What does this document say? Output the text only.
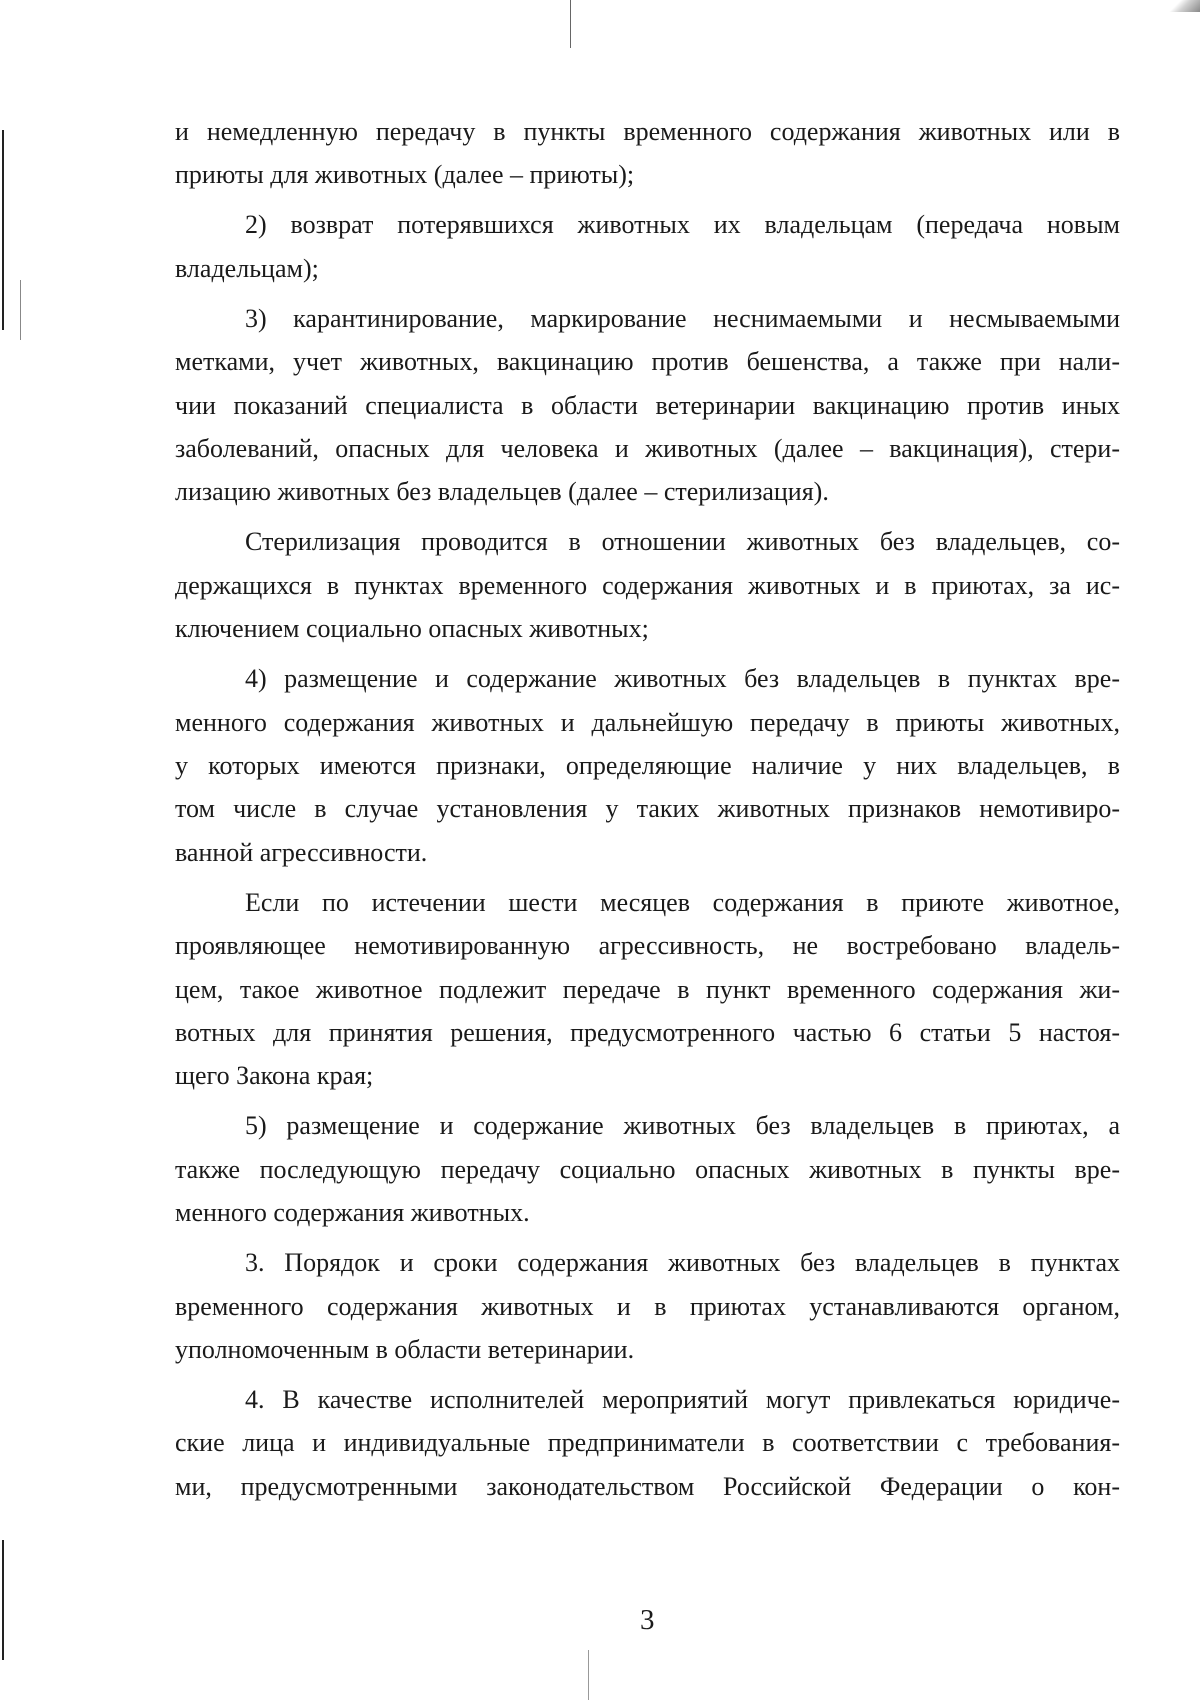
и немедленную передачу в пункты временного содержания животных или в
приюты для животных (далее – приюты);
2) возврат потерявшихся животных их владельцам (передача новым
владельцам);
3) карантинирование, маркирование неснимаемыми и несмываемыми
метками, учет животных, вакцинацию против бешенства, а также при нали-
чии показаний специалиста в области ветеринарии вакцинацию против иных
заболеваний, опасных для человека и животных (далее – вакцинация), стери-
лизацию животных без владельцев (далее – стерилизация).
Стерилизация проводится в отношении животных без владельцев, со-
держащихся в пунктах временного содержания животных и в приютах, за ис-
ключением социально опасных животных;
4) размещение и содержание животных без владельцев в пунктах вре-
менного содержания животных и дальнейшую передачу в приюты животных,
у которых имеются признаки, определяющие наличие у них владельцев, в
том числе в случае установления у таких животных признаков немотивиро-
ванной агрессивности.
Если по истечении шести месяцев содержания в приюте животное,
проявляющее немотивированную агрессивность, не востребовано владель-
цем, такое животное подлежит передаче в пункт временного содержания жи-
вотных для принятия решения, предусмотренного частью 6 статьи 5 настоя-
щего Закона края;
5) размещение и содержание животных без владельцев в приютах, а
также последующую передачу социально опасных животных в пункты вре-
менного содержания животных.
3. Порядок и сроки содержания животных без владельцев в пунктах
временного содержания животных и в приютах устанавливаются органом,
уполномоченным в области ветеринарии.
4. В качестве исполнителей мероприятий могут привлекаться юридиче-
ские лица и индивидуальные предприниматели в соответствии с требования-
ми, предусмотренными законодательством Российской Федерации о кон-
3
